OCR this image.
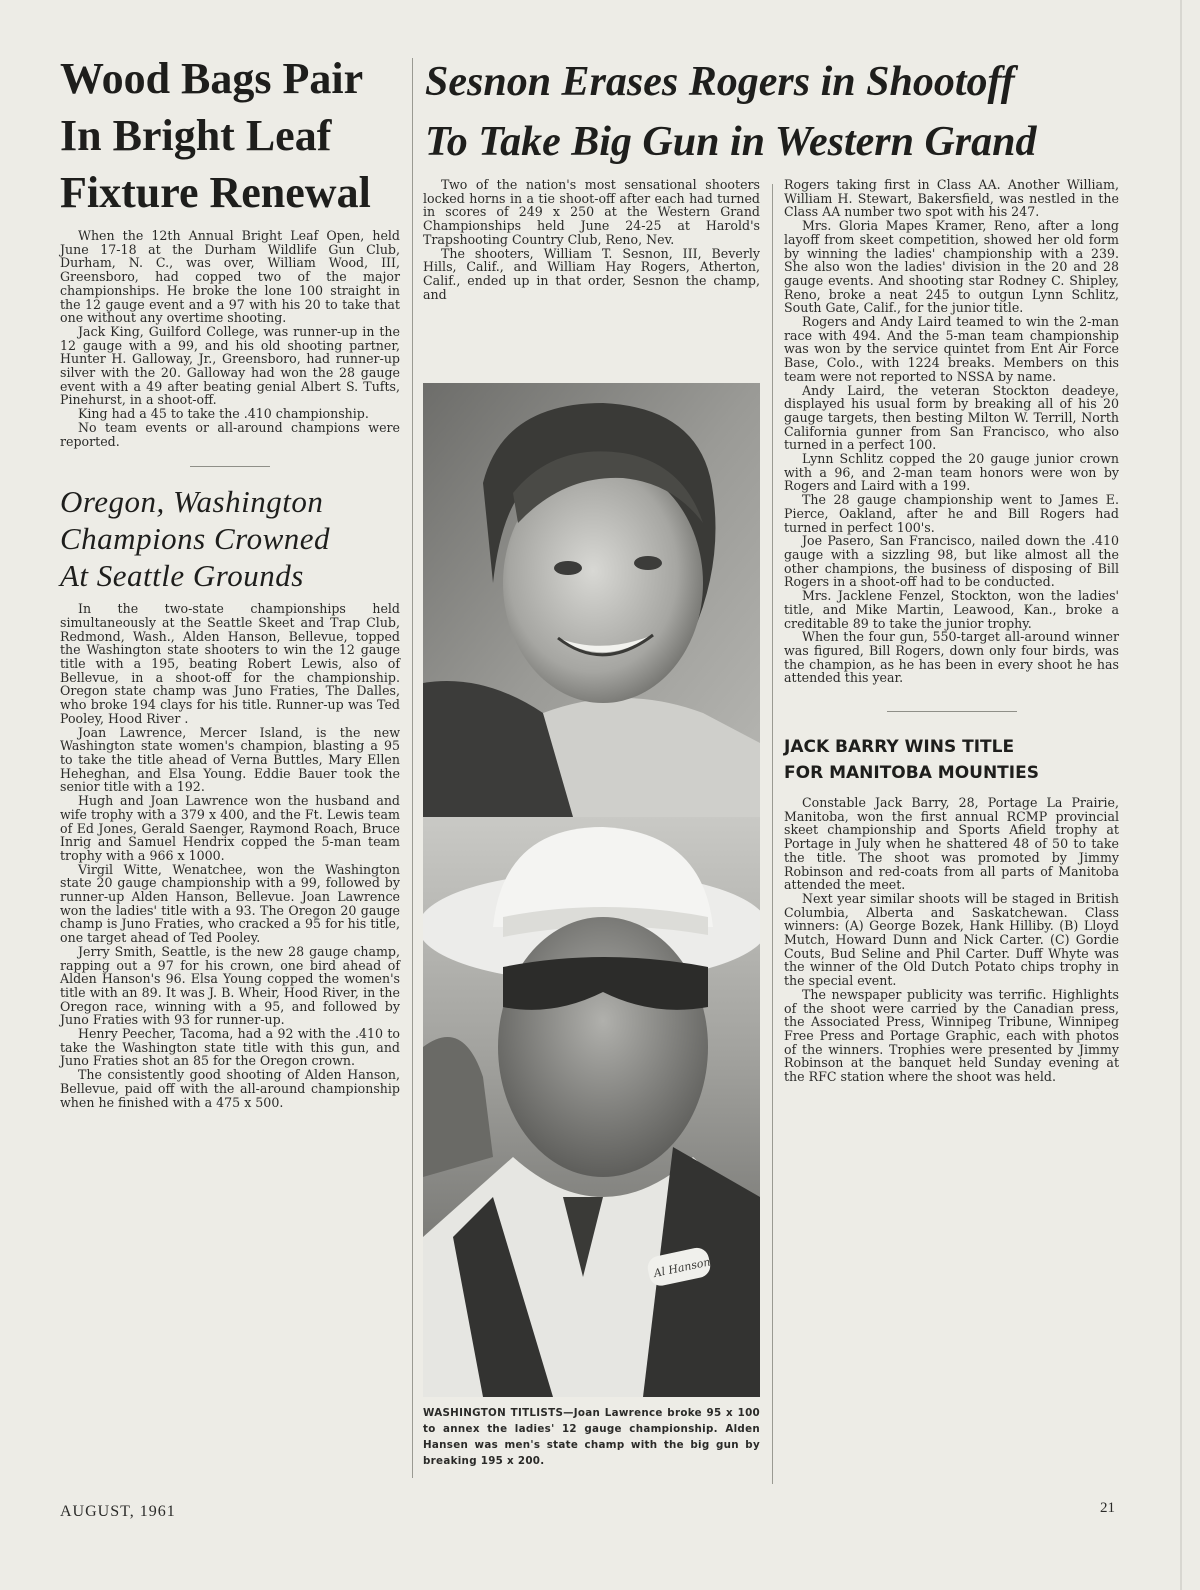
Wood Bags Pair
In Bright Leaf
Fixture Renewal

When the 12th Annual Bright Leaf Open, held June 17-18 at the Durham Wildlife Gun Club, Durham, N. C., was over, William Wood, III, Greensboro, had copped two of the major championships. He broke the lone 100 straight in the 12 gauge event and a 97 with his 20 to take that one without any overtime shooting.

Jack King, Guilford College, was runner-up in the 12 gauge with a 99, and his old shooting partner, Hunter H. Galloway, Jr., Greensboro, had runner-up silver with the 20. Galloway had won the 28 gauge event with a 49 after beating genial Albert S. Tufts, Pinehurst, in a shoot-off.

King had a 45 to take the .410 championship.

No team events or all-around champions were reported.

Oregon, Washington
Champions Crowned
At Seattle Grounds

In the two-state championships held simultaneously at the Seattle Skeet and Trap Club, Redmond, Wash., Alden Hanson, Bellevue, topped the Washington state shooters to win the 12 gauge title with a 195, beating Robert Lewis, also of Bellevue, in a shoot-off for the championship. Oregon state champ was Juno Fraties, The Dalles, who broke 194 clays for his title. Runner-up was Ted Pooley, Hood River .

Joan Lawrence, Mercer Island, is the new Washington state women's champion, blasting a 95 to take the title ahead of Verna Buttles, Mary Ellen Heheghan, and Elsa Young. Eddie Bauer took the senior title with a 192.

Hugh and Joan Lawrence won the husband and wife trophy with a 379 x 400, and the Ft. Lewis team of Ed Jones, Gerald Saenger, Raymond Roach, Bruce Inrig and Samuel Hendrix copped the 5-man team trophy with a 966 x 1000.

Virgil Witte, Wenatchee, won the Washington state 20 gauge championship with a 99, followed by runner-up Alden Hanson, Bellevue. Joan Lawrence won the ladies' title with a 93. The Oregon 20 gauge champ is Juno Fraties, who cracked a 95 for his title, one target ahead of Ted Pooley.

Jerry Smith, Seattle, is the new 28 gauge champ, rapping out a 97 for his crown, one bird ahead of Alden Hanson's 96. Elsa Young copped the women's title with an 89. It was J. B. Wheir, Hood River, in the Oregon race, winning with a 95, and followed by Juno Fraties with 93 for runner-up.

Henry Peecher, Tacoma, had a 92 with the .410 to take the Washington state title with this gun, and Juno Fraties shot an 85 for the Oregon crown.

The consistently good shooting of Alden Hanson, Bellevue, paid off with the all-around championship when he finished with a 475 x 500.

Sesnon Erases Rogers in Shootoff
To Take Big Gun in Western Grand

Two of the nation's most sensational shooters locked horns in a tie shoot-off after each had turned in scores of 249 x 250 at the Western Grand Championships held June 24-25 at Harold's Trapshooting Country Club, Reno, Nev.

The shooters, William T. Sesnon, III, Beverly Hills, Calif., and William Hay Rogers, Atherton, Calif., ended up in that order, Sesnon the champ, and

Al Hanson
WASHINGTON TITLISTS—Joan Lawrence broke 95 x 100 to annex the ladies' 12 gauge championship. Alden Hansen was men's state champ with the big gun by breaking 195 x 200.

Rogers taking first in Class AA. Another William, William H. Stewart, Bakersfield, was nestled in the Class AA number two spot with his 247.

Mrs. Gloria Mapes Kramer, Reno, after a long layoff from skeet competition, showed her old form by winning the ladies' championship with a 239. She also won the ladies' division in the 20 and 28 gauge events. And shooting star Rodney C. Shipley, Reno, broke a neat 245 to outgun Lynn Schlitz, South Gate, Calif., for the junior title.

Rogers and Andy Laird teamed to win the 2-man race with 494. And the 5-man team championship was won by the service quintet from Ent Air Force Base, Colo., with 1224 breaks. Members on this team were not reported to NSSA by name.

Andy Laird, the veteran Stockton deadeye, displayed his usual form by breaking all of his 20 gauge targets, then besting Milton W. Terrill, North California gunner from San Francisco, who also turned in a perfect 100.

Lynn Schlitz copped the 20 gauge junior crown with a 96, and 2-man team honors were won by Rogers and Laird with a 199.

The 28 gauge championship went to James E. Pierce, Oakland, after he and Bill Rogers had turned in perfect 100's.

Joe Pasero, San Francisco, nailed down the .410 gauge with a sizzling 98, but like almost all the other champions, the business of disposing of Bill Rogers in a shoot-off had to be conducted.

Mrs. Jacklene Fenzel, Stockton, won the ladies' title, and Mike Martin, Leawood, Kan., broke a creditable 89 to take the junior trophy.

When the four gun, 550-target all-around winner was figured, Bill Rogers, down only four birds, was the champion, as he has been in every shoot he has attended this year.

JACK BARRY WINS TITLE
FOR MANITOBA MOUNTIES

Constable Jack Barry, 28, Portage La Prairie, Manitoba, won the first annual RCMP provincial skeet championship and Sports Afield trophy at Portage in July when he shattered 48 of 50 to take the title. The shoot was promoted by Jimmy Robinson and red-coats from all parts of Manitoba attended the meet.

Next year similar shoots will be staged in British Columbia, Alberta and Saskatchewan. Class winners: (A) George Bozek, Hank Hilliby. (B) Lloyd Mutch, Howard Dunn and Nick Carter. (C) Gordie Couts, Bud Seline and Phil Carter. Duff Whyte was the winner of the Old Dutch Potato chips trophy in the special event.

The newspaper publicity was terrific. Highlights of the shoot were carried by the Canadian press, the Associated Press, Winnipeg Tribune, Winnipeg Free Press and Portage Graphic, each with photos of the winners. Trophies were presented by Jimmy Robinson at the banquet held Sunday evening at the RFC station where the shoot was held.

AUGUST, 1961	21
